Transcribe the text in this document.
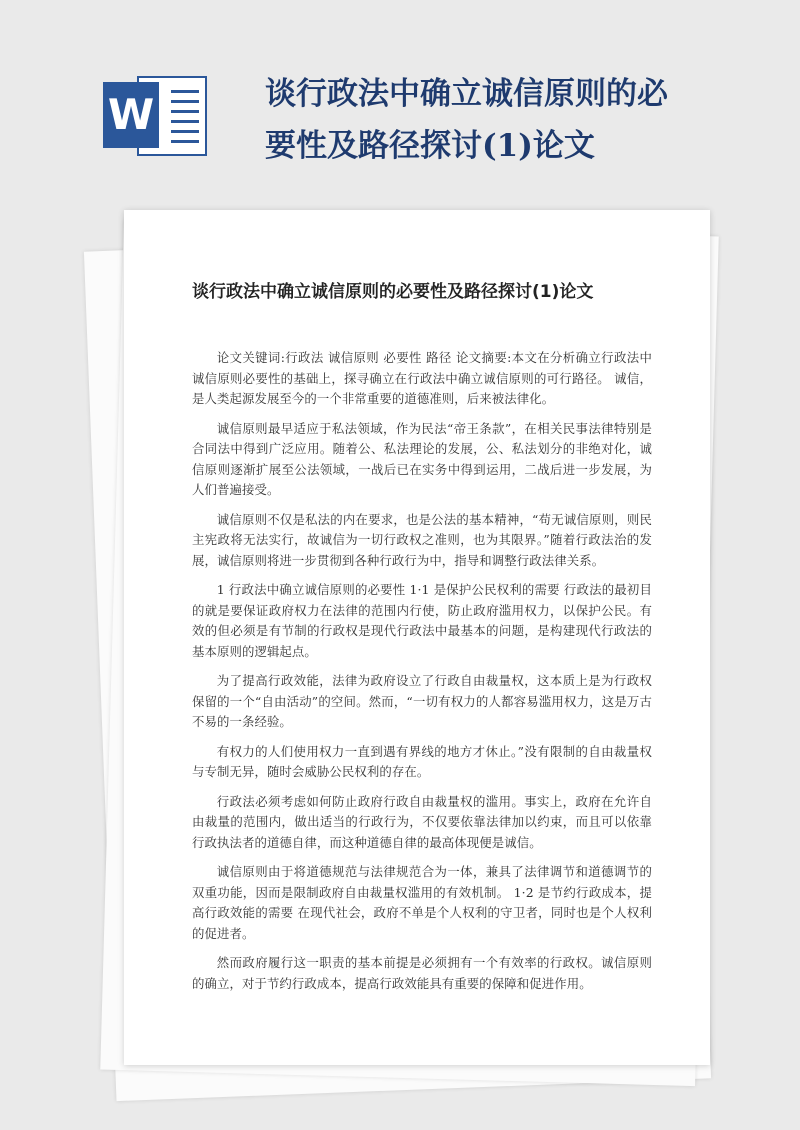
W	谈行政法中确立诚信原则的必要性及路径探讨(1)论文
谈行政法中确立诚信原则的必要性及路径探讨(1)论文

论文关键词:行政法 诚信原则 必要性 路径 论文摘要:本文在分析确立行政法中诚信原则必要性的基础上，探寻确立在行政法中确立诚信原则的可行路径。 诚信，是人类起源发展至今的一个非常重要的道德准则，后来被法律化。

诚信原则最早适应于私法领域，作为民法“帝王条款”，在相关民事法律特别是合同法中得到广泛应用。随着公、私法理论的发展，公、私法划分的非绝对化，诚信原则逐渐扩展至公法领域，一战后已在实务中得到运用，二战后进一步发展，为人们普遍接受。

诚信原则不仅是私法的内在要求，也是公法的基本精神，“苟无诚信原则，则民主宪政将无法实行，故诚信为一切行政权之准则，也为其限界。”随着行政法治的发展，诚信原则将进一步贯彻到各种行政行为中，指导和调整行政法律关系。

1 行政法中确立诚信原则的必要性 1·1 是保护公民权利的需要 行政法的最初目的就是要保证政府权力在法律的范围内行使，防止政府滥用权力，以保护公民。有效的但必须是有节制的行政权是现代行政法中最基本的问题，是构建现代行政法的基本原则的逻辑起点。

为了提高行政效能，法律为政府设立了行政自由裁量权，这本质上是为行政权保留的一个“自由活动”的空间。然而，“一切有权力的人都容易滥用权力，这是万古不易的一条经验。

有权力的人们使用权力一直到遇有界线的地方才休止。”没有限制的自由裁量权与专制无异，随时会威胁公民权利的存在。

行政法必须考虑如何防止政府行政自由裁量权的滥用。事实上，政府在允许自由裁量的范围内，做出适当的行政行为，不仅要依靠法律加以约束，而且可以依靠行政执法者的道德自律，而这种道德自律的最高体现便是诚信。

诚信原则由于将道德规范与法律规范合为一体，兼具了法律调节和道德调节的双重功能，因而是限制政府自由裁量权滥用的有效机制。 1·2 是节约行政成本，提高行政效能的需要 在现代社会，政府不单是个人权利的守卫者，同时也是个人权利的促进者。

然而政府履行这一职责的基本前提是必须拥有一个有效率的行政权。诚信原则的确立，对于节约行政成本，提高行政效能具有重要的保障和促进作用。
